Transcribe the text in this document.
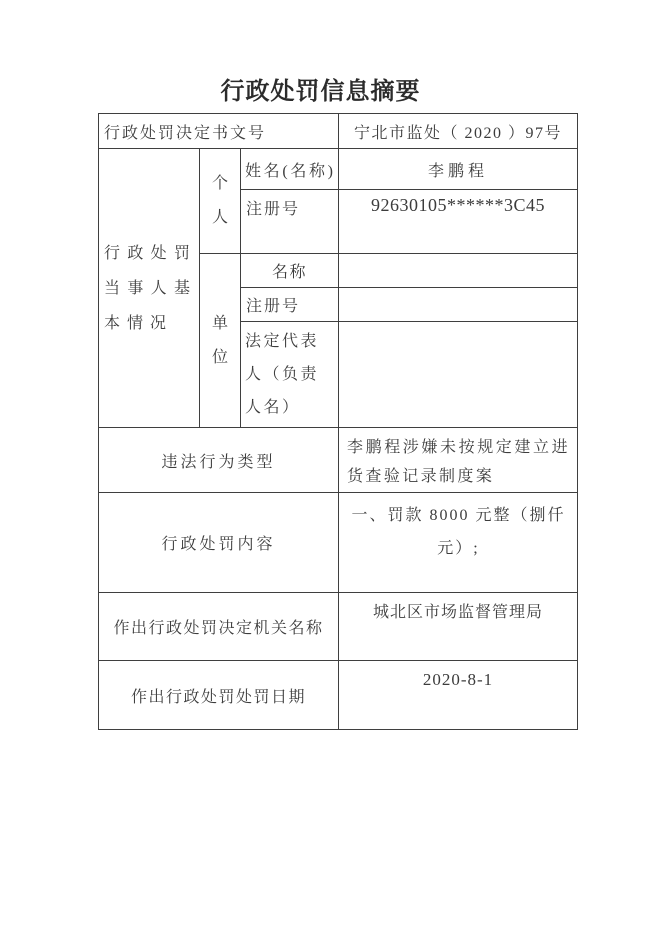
行政处罚信息摘要
行政处罚决定书文号			宁北市监处（ 2020 ）97号

行政处罚当事人基本情况	个人	姓名(名称)	李鹏程
		注册号	92630105******3C45

	单位	名称	
		注册号	
		法定代表人（负责人名）	
违法行为类型			李鹏程涉嫌未按规定建立进货查验记录制度案
行政处罚内容			一、罚款 8000 元整（捌仟元）;
作出行政处罚决定机关名称			城北区市场监督管理局
作出行政处罚处罚日期			2020-8-1
